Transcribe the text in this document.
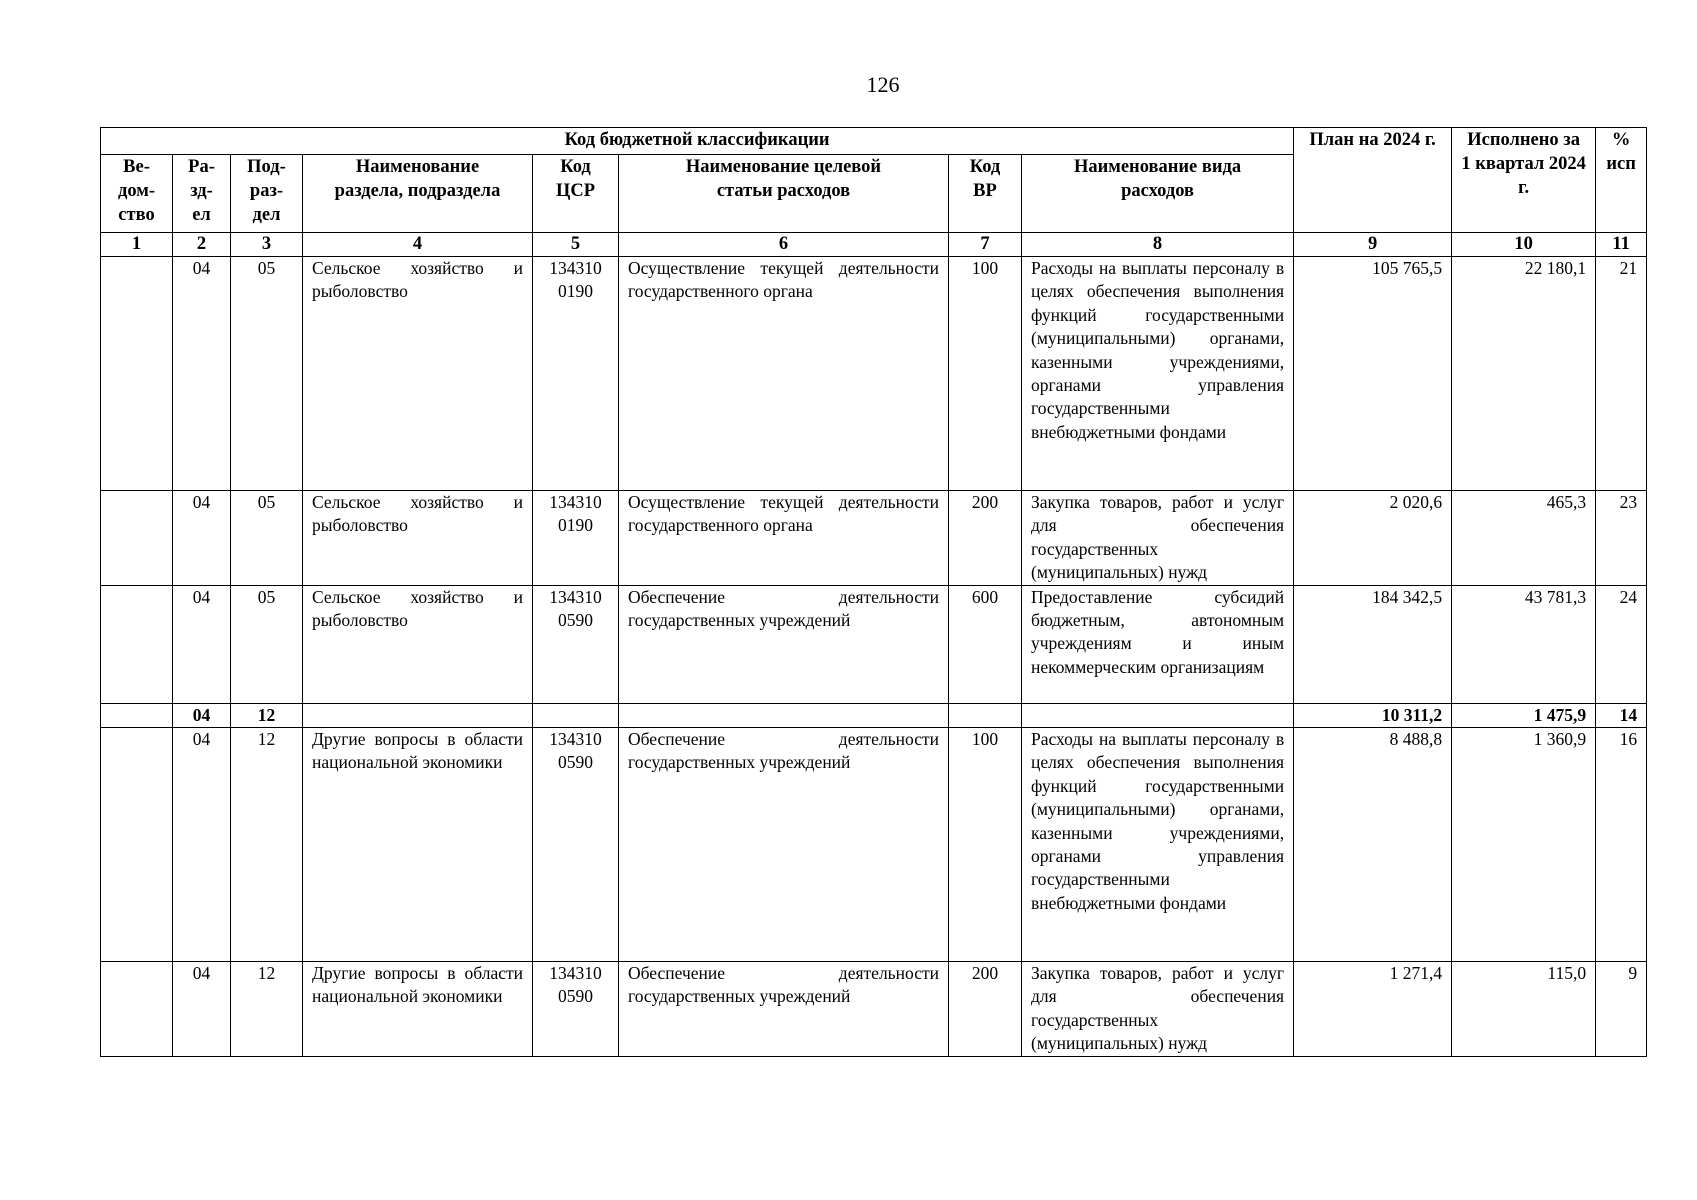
126
Код бюджетной классификации								План на 2024 г.	Исполнено за 1 квартал 2024 г.	% исп
Ве-
дом-
ство	Ра-
зд-
ел	Под-
раз-
дел	Наименование раздела, подраздела	Код ЦСР	Наименование целевой статьи расходов	Код ВР	Наименование вида расходов			
1	2	3	4	5	6	7	8	9	10	11
	04	05	Сельское хозяйство и рыболовство	134310 0190	Осуществление текущей деятельности государственного органа	100	Расходы на выплаты персоналу в целях обеспечения выполнения функций государственными (муниципальными) органами, казенными учреждениями, органами управления государственными внебюджетными фондами	105 765,5	22 180,1	21
	04	05	Сельское хозяйство и рыболовство	134310 0190	Осуществление текущей деятельности государственного органа	200	Закупка товаров, работ и услуг для обеспечения государственных (муниципальных) нужд	2 020,6	465,3	23
	04	05	Сельское хозяйство и рыболовство	134310 0590	Обеспечение деятельности государственных учреждений	600	Предоставление субсидий бюджетным, автономным учреждениям и иным некоммерческим организациям	184 342,5	43 781,3	24
	04	12						10 311,2	1 475,9	14
	04	12	Другие вопросы в области национальной экономики	134310 0590	Обеспечение деятельности государственных учреждений	100	Расходы на выплаты персоналу в целях обеспечения выполнения функций государственными (муниципальными) органами, казенными учреждениями, органами управления государственными внебюджетными фондами	8 488,8	1 360,9	16
	04	12	Другие вопросы в области национальной экономики	134310 0590	Обеспечение деятельности государственных учреждений	200	Закупка товаров, работ и услуг для обеспечения государственных (муниципальных) нужд	1 271,4	115,0	9
